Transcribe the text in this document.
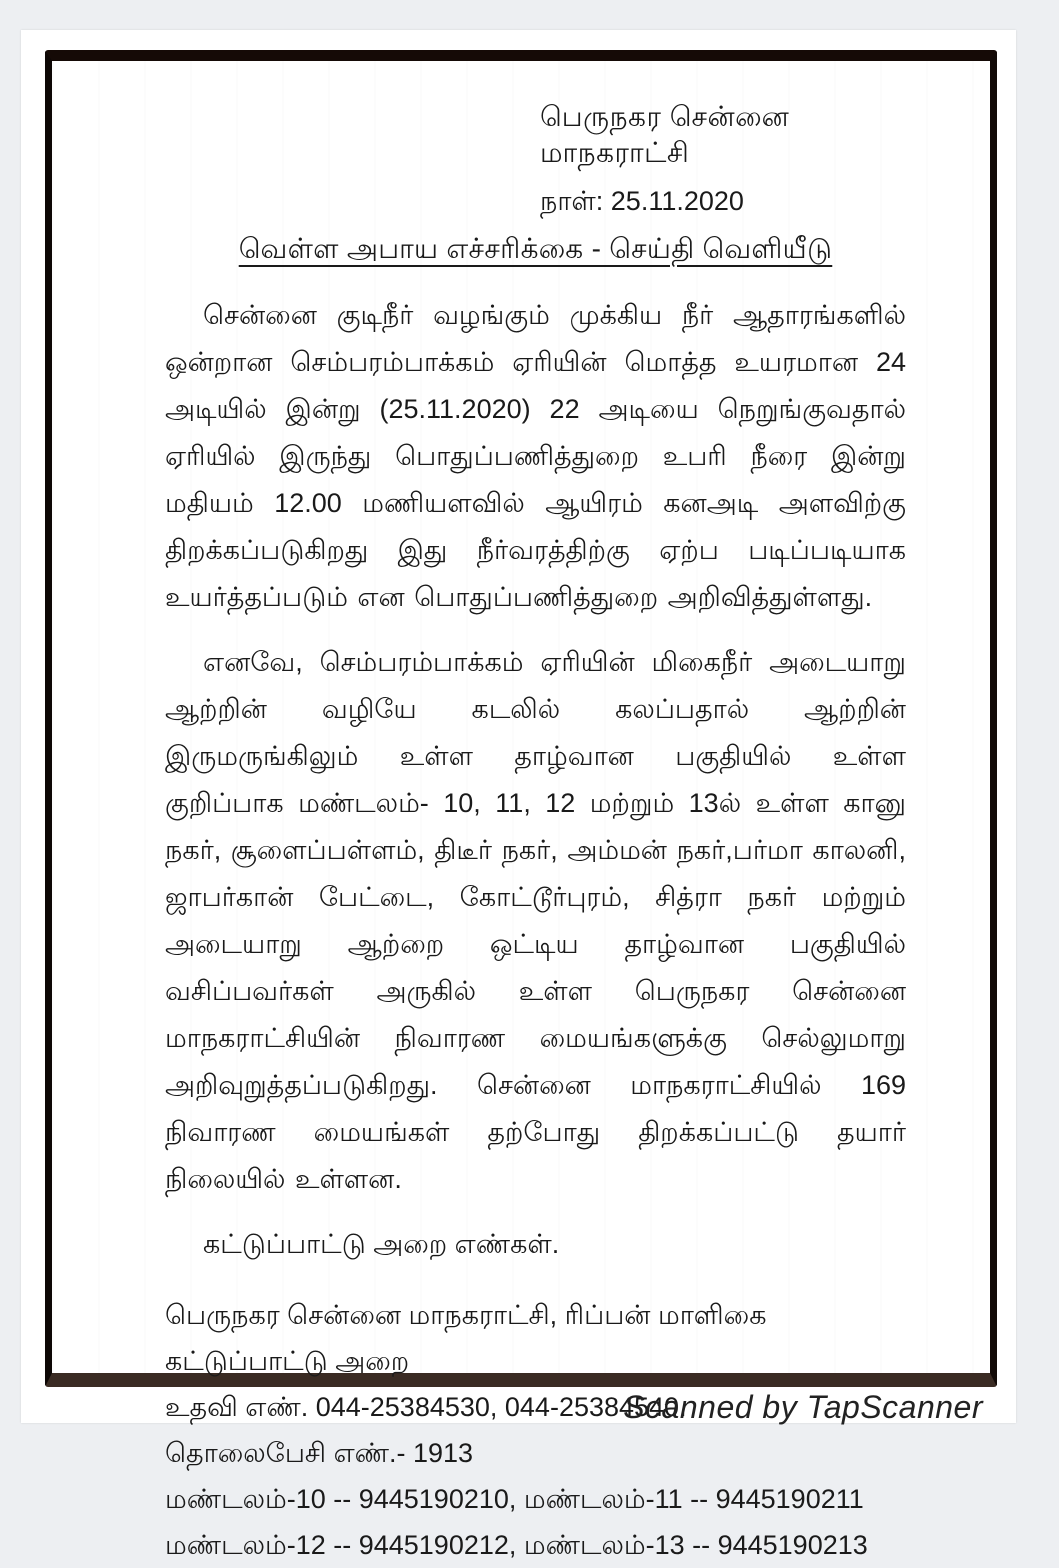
பெருநகர சென்னை மாநகராட்சி
நாள்: 25.11.2020
வெள்ள அபாய எச்சரிக்கை - செய்தி வெளியீடு

சென்னை குடிநீர் வழங்கும் முக்கிய நீர் ஆதாரங்களில் ஒன்றான செம்பரம்பாக்கம் ஏரியின் மொத்த உயரமான 24 அடியில் இன்று (25.11.2020) 22 அடியை நெறுங்குவதால் ஏரியில் இருந்து பொதுப்பணித்துறை உபரி நீரை இன்று மதியம் 12.00 மணியளவில் ஆயிரம் கனஅடி அளவிற்கு திறக்கப்படுகிறது இது நீர்வரத்திற்கு ஏற்ப படிப்படியாக உயர்த்தப்படும் என பொதுப்பணித்துறை அறிவித்துள்ளது.

எனவே, செம்பரம்பாக்கம் ஏரியின் மிகைநீர் அடையாறு ஆற்றின் வழியே கடலில் கலப்பதால் ஆற்றின் இருமருங்கிலும் உள்ள தாழ்வான பகுதியில் உள்ள குறிப்பாக மண்டலம்- 10, 11, 12 மற்றும் 13ல் உள்ள கானு நகர், சூளைப்பள்ளம், திடீர் நகர், அம்மன் நகர்,பர்மா காலனி, ஜாபர்கான் பேட்டை, கோட்டூர்புரம், சித்ரா நகர் மற்றும் அடையாறு ஆற்றை ஒட்டிய தாழ்வான பகுதியில் வசிப்பவர்கள் அருகில் உள்ள பெருநகர சென்னை மாநகராட்சியின் நிவாரண மையங்களுக்கு செல்லுமாறு அறிவுறுத்தப்படுகிறது. சென்னை மாநகராட்சியில் 169 நிவாரண மையங்கள் தற்போது திறக்கப்பட்டு தயார் நிலையில் உள்ளன.

கட்டுப்பாட்டு அறை எண்கள்.
பெருநகர சென்னை மாநகராட்சி, ரிப்பன் மாளிகை கட்டுப்பாட்டு அறை
உதவி எண். 044-25384530, 044-25384540.
தொலைபேசி எண்.- 1913
மண்டலம்-10 -- 9445190210, மண்டலம்-11 -- 9445190211
மண்டலம்-12 -- 9445190212, மண்டலம்-13 -- 9445190213
Scanned by TapScanner
